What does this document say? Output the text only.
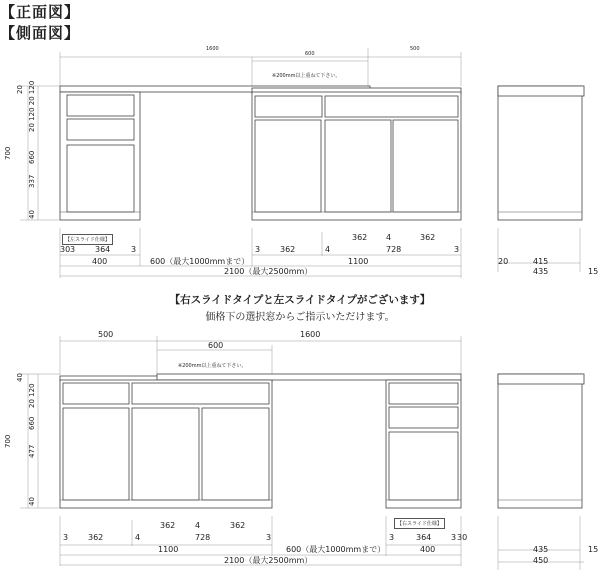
【正面図】
【側面図】
1600
600
500
※200mm以上重ねて下さい。
20
20 120 20 120
700 660
337
40
【左スライド仕様】
30 3 364	3
400	600（最大1000mmまで）
362 4	362
3 362	4	728	3
1100
2100（最大2500mm）
20	415
435	15
【右スライドタイプと左スライドタイプがございます】
価格下の選択窓からご指示いただけます。
500	1600
600
※200mm以上重ねて下さい。
40
20 120
700
660
477
40
【右スライド仕様】
362 4	362
3 362	4	728	3	3	364 3 30
1100	600（最大1000mmまで）	400
2100（最大2500mm）
435
450
15
